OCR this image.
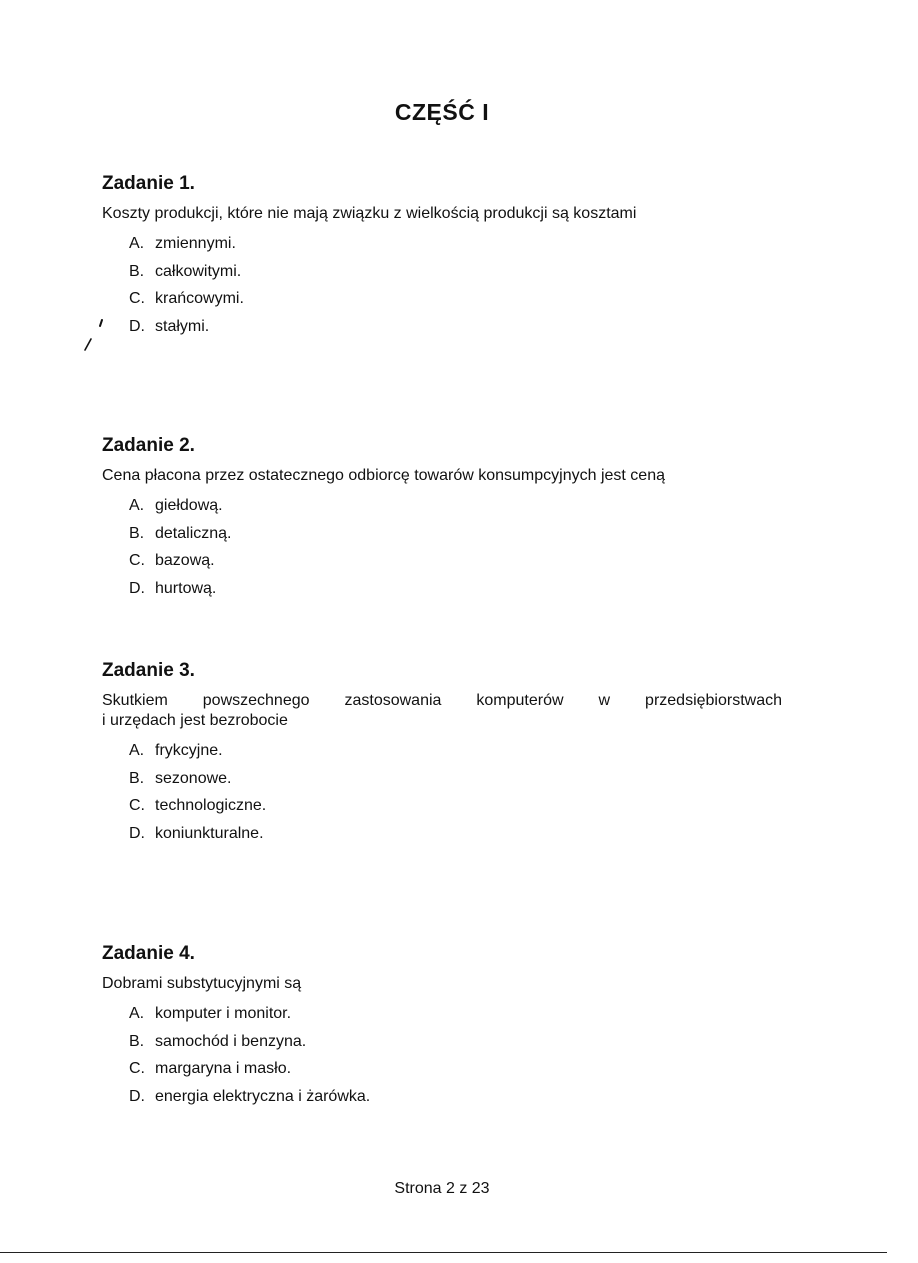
CZĘŚĆ I
Zadanie 1.
Koszty produkcji, które nie mają związku z wielkością produkcji są kosztami
A. zmiennymi.
B. całkowitymi.
C. krańcowymi.
D. stałymi.
Zadanie 2.
Cena płacona przez ostatecznego odbiorcę towarów konsumpcyjnych jest ceną
A. giełdową.
B. detaliczną.
C. bazową.
D. hurtową.
Zadanie 3.
Skutkiem powszechnego zastosowania komputerów w przedsiębiorstwach
i urzędach jest bezrobocie
A. frykcyjne.
B. sezonowe.
C. technologiczne.
D. koniunkturalne.
Zadanie 4.
Dobrami substytucyjnymi są
A. komputer i monitor.
B. samochód i benzyna.
C. margaryna i masło.
D. energia elektryczna i żarówka.
Strona 2 z 23
